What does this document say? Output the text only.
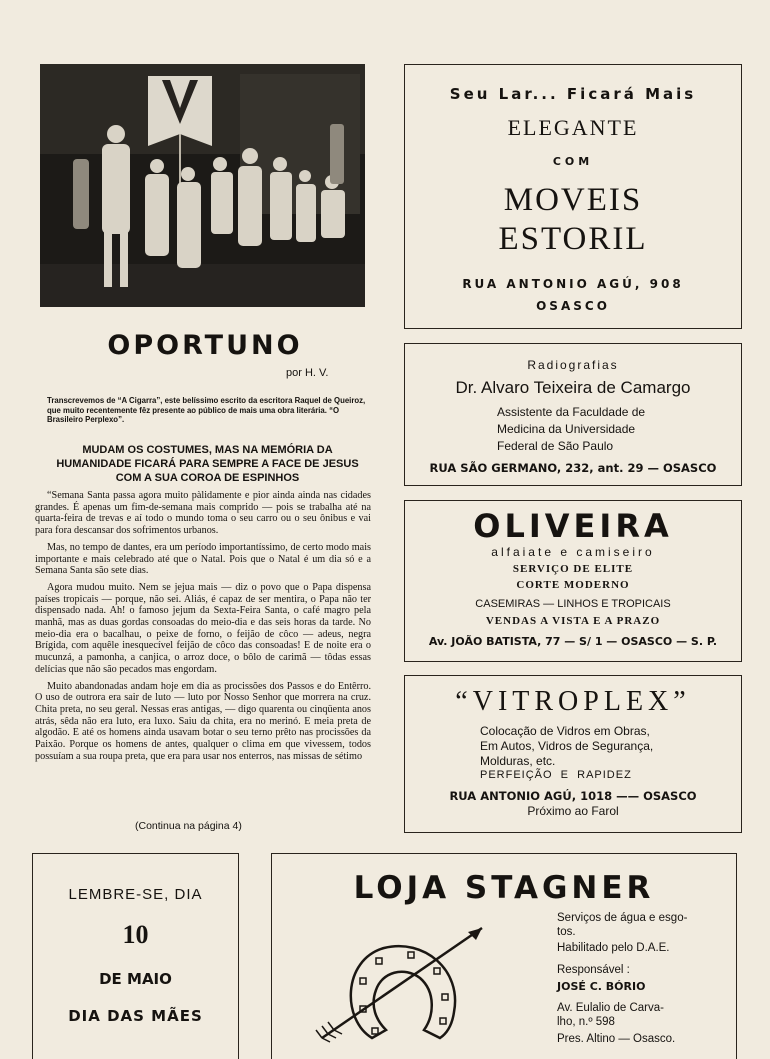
OPORTUNO
por H. V.
Transcrevemos de “A Cigarra”, este belíssimo escrito da escritora Raquel de Queiroz, que muito recentemente fêz presente ao público de mais uma obra literária. “O Brasileiro Perplexo”.
MUDAM OS COSTUMES, MAS NA MEMÓRIA DA HUMANIDADE FICARÁ PARA SEMPRE A FACE DE JESUS COM A SUA COROA DE ESPINHOS

“Semana Santa passa agora muito pàlidamente e pior ainda ainda nas cidades grandes. É apenas um fim-de-semana mais comprido — pois se trabalha até na quarta-feira de trevas e aí todo o mundo toma o seu carro ou o seu ônibus e vai para fora descansar dos sofrimentos urbanos.

Mas, no tempo de dantes, era um período importantíssimo, de certo modo mais importante e mais celebrado até que o Natal. Pois que o Natal é um dia só e a Semana Santa são sete dias.

Agora mudou muito. Nem se jejua mais — diz o povo que o Papa dispensa países tropicais — porque, não sei. Aliás, é capaz de ser mentira, o Papa não ter dispensado nada. Ah! o famoso jejum da Sexta-Feira Santa, o café magro pela manhã, mas as duas gordas consoadas do meio-dia e das seis horas da tarde. No meio-dia era o bacalhau, o peixe de forno, o feijão de côco — adeus, negra Brígida, com aquêle inesquecível feijão de côco das consoadas! E de noite era o mucunzá, a pamonha, a canjica, o arroz doce, o bôlo de carimã — tôdas essas delícias que não são pecados mas engordam.

Muito abandonadas andam hoje em dia as procissões dos Passos e do Entêrro. O uso de outrora era sair de luto — luto por Nosso Senhor que morrera na cruz. Chita preta, no seu geral. Nessas eras antigas, — digo quarenta ou cinqüenta anos atrás, sêda não era luto, era luxo. Saiu da chita, era no merinó. E meia preta de algodão. E até os homens ainda usavam botar o seu terno prêto nas procissões da Paixão. Porque os homens de antes, qualquer o clima em que vivessem, todos possuíam a sua roupa preta, que era para usar nos enterros, nas missas de sétimo

(Continua na página 4)
Seu Lar... Ficará Mais
ELEGANTE
COM
MOVEIS
ESTORIL
RUA ANTONIO AGÚ, 908
OSASCO
Radiografias
Dr. Alvaro Teixeira de Camargo
Assistente da Faculdade de
Medicina da Universidade
Federal de São Paulo
RUA SÃO GERMANO, 232, ant. 29 — OSASCO
OLIVEIRA
alfaiate e camiseiro
SERVIÇO DE ELITE
CORTE MODERNO
CASEMIRAS — LINHOS E TROPICAIS
VENDAS A VISTA E A PRAZO
Av. JOÃO BATISTA, 77 — S/ 1 — OSASCO — S. P.
“VITROPLEX”
Colocação de Vidros em Obras,
Em Autos, Vidros de Segurança,
Molduras, etc.
PERFEIÇÃO  E  RAPIDEZ
RUA ANTONIO AGÚ, 1018 —— OSASCO
Próximo ao Farol
LEMBRE-SE, DIA
10
DE MAIO
DIA DAS MÃES
LOJA STAGNER
Serviços de água e esgo-
tos.
Habilitado pelo D.A.E.
Responsável :
JOSÉ C. BÓRIO
Av. Eulalio de Carva-
lho, n.º 598
Pres. Altino — Osasco.
